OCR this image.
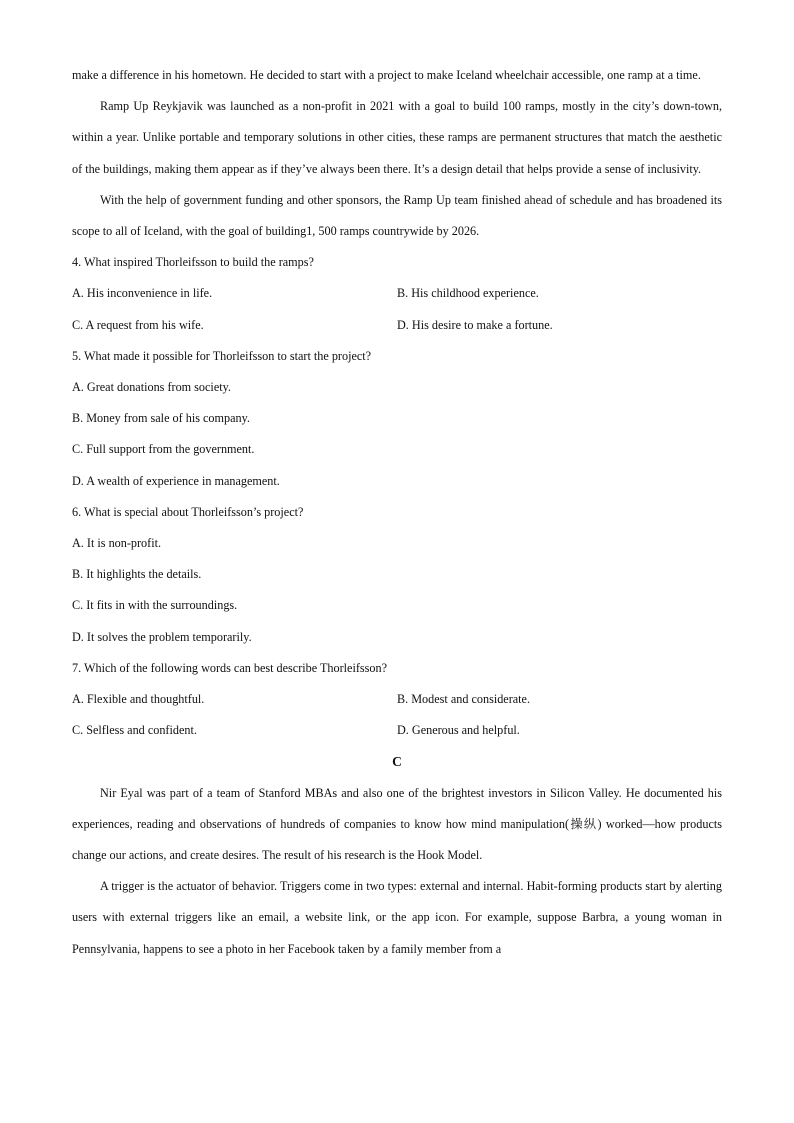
make a difference in his hometown. He decided to start with a project to make Iceland wheelchair accessible, one ramp at a time.

Ramp Up Reykjavik was launched as a non-profit in 2021 with a goal to build 100 ramps, mostly in the city’s down-town, within a year. Unlike portable and temporary solutions in other cities, these ramps are permanent structures that match the aesthetic of the buildings, making them appear as if they’ve always been there. It’s a design detail that helps provide a sense of inclusivity.

With the help of government funding and other sponsors, the Ramp Up team finished ahead of schedule and has broadened its scope to all of Iceland, with the goal of building1, 500 ramps countrywide by 2026.

4. What inspired Thorleifsson to build the ramps?

A. His inconvenience in life.	B. His childhood experience.
C. A request from his wife.	D. His desire to make a fortune.

5. What made it possible for Thorleifsson to start the project?

A. Great donations from society.

B. Money from sale of his company.

C. Full support from the government.

D. A wealth of experience in management.

6. What is special about Thorleifsson’s project?

A. It is non-profit.

B. It highlights the details.

C. It fits in with the surroundings.

D. It solves the problem temporarily.

7. Which of the following words can best describe Thorleifsson?

A. Flexible and thoughtful.	B. Modest and considerate.
C. Selfless and confident.	D. Generous and helpful.

C

Nir Eyal was part of a team of Stanford MBAs and also one of the brightest investors in Silicon Valley. He documented his experiences, reading and observations of hundreds of companies to know how mind manipulation(操纵) worked—how products change our actions, and create desires. The result of his research is the Hook Model.

A trigger is the actuator of behavior. Triggers come in two types: external and internal. Habit-forming products start by alerting users with external triggers like an email, a website link, or the app icon. For example, suppose Barbra, a young woman in Pennsylvania, happens to see a photo in her Facebook taken by a family member from a
